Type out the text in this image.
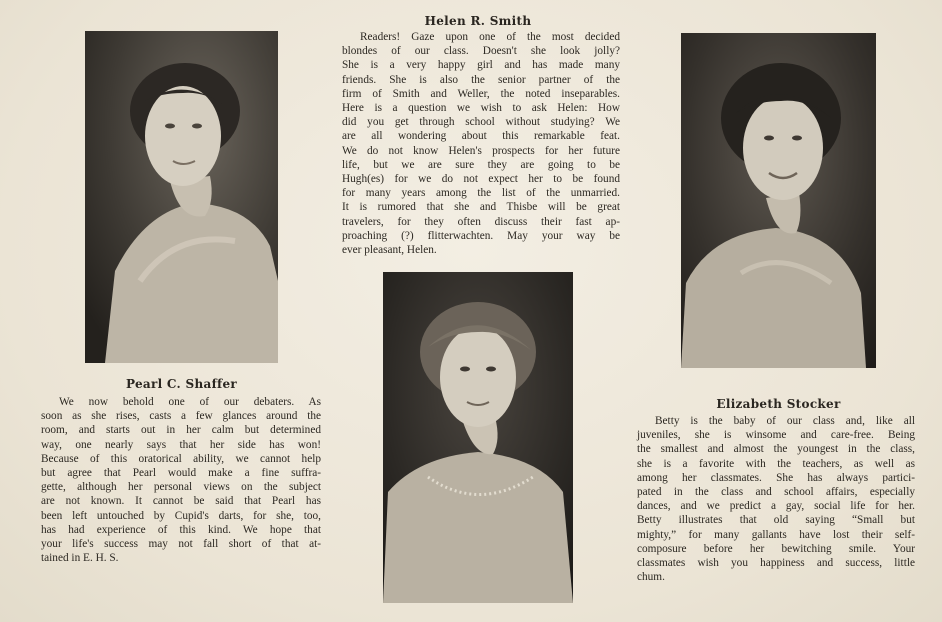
Helen R. Smith
Readers! Gaze upon one of the most decided
blondes of our class. Doesn't she look jolly?
She is a very happy girl and has made many
friends. She is also the senior partner of the
firm of Smith and Weller, the noted inseparables.
Here is a question we wish to ask Helen: How
did you get through school without studying? We
are all wondering about this remarkable feat.
We do not know Helen's prospects for her future
life, but we are sure they are going to be
Hugh(es) for we do not expect her to be found
for many years among the list of the unmarried.
It is rumored that she and Thisbe will be great
travelers, for they often discuss their fast ap-
proaching (?) flitterwachten. May your way be
ever pleasant, Helen.
Pearl C. Shaffer
We now behold one of our debaters. As
soon as she rises, casts a few glances around the
room, and starts out in her calm but determined
way, one nearly says that her side has won!
Because of this oratorical ability, we cannot help
but agree that Pearl would make a fine suffra-
gette, although her personal views on the subject
are not known. It cannot be said that Pearl has
been left untouched by Cupid's darts, for she, too,
has had experience of this kind. We hope that
your life's success may not fall short of that at-
tained in E. H. S.
Elizabeth Stocker
Betty is the baby of our class and, like all
juveniles, she is winsome and care-free. Being
the smallest and almost the youngest in the class,
she is a favorite with the teachers, as well as
among her classmates. She has always partici-
pated in the class and school affairs, especially
dances, and we predict a gay, social life for her.
Betty illustrates that old saying “Small but
mighty,” for many gallants have lost their self-
composure before her bewitching smile. Your
classmates wish you happiness and success, little
chum.
